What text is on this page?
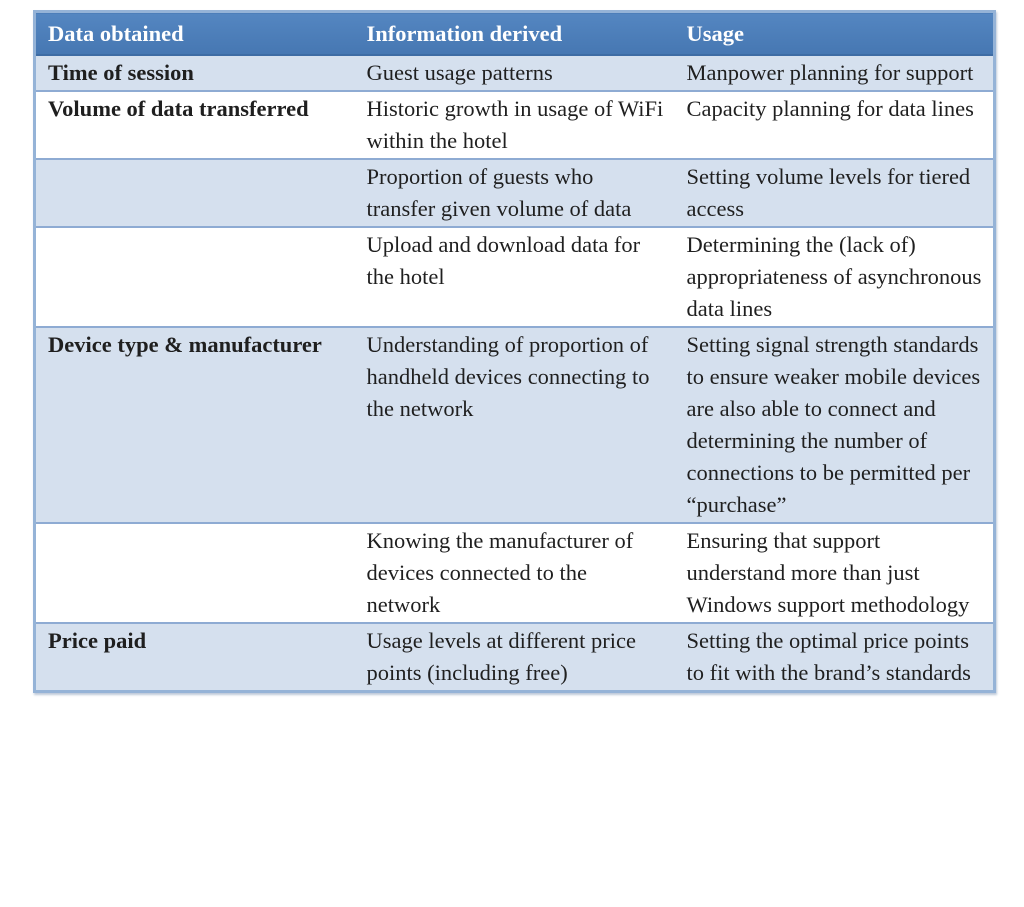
Data obtained	Information derived	Usage
Time of session	Guest usage patterns	Manpower planning for support
Volume of data transferred	Historic growth in usage of WiFi within the hotel	Capacity planning for data lines
	Proportion of guests who transfer given volume of data	Setting volume levels for tiered access
	Upload and download data for the hotel	Determining the (lack of) appropriateness of asynchronous data lines
Device type & manufacturer	Understanding of proportion of handheld devices connecting to the network	Setting signal strength standards to ensure weaker mobile devices are also able to connect and determining the number of connections to be permitted per “purchase”
	Knowing the manufacturer of devices connected to the network	Ensuring that support understand more than just Windows support methodology
Price paid	Usage levels at different price points (including free)	Setting the optimal price points to fit with the brand’s standards
